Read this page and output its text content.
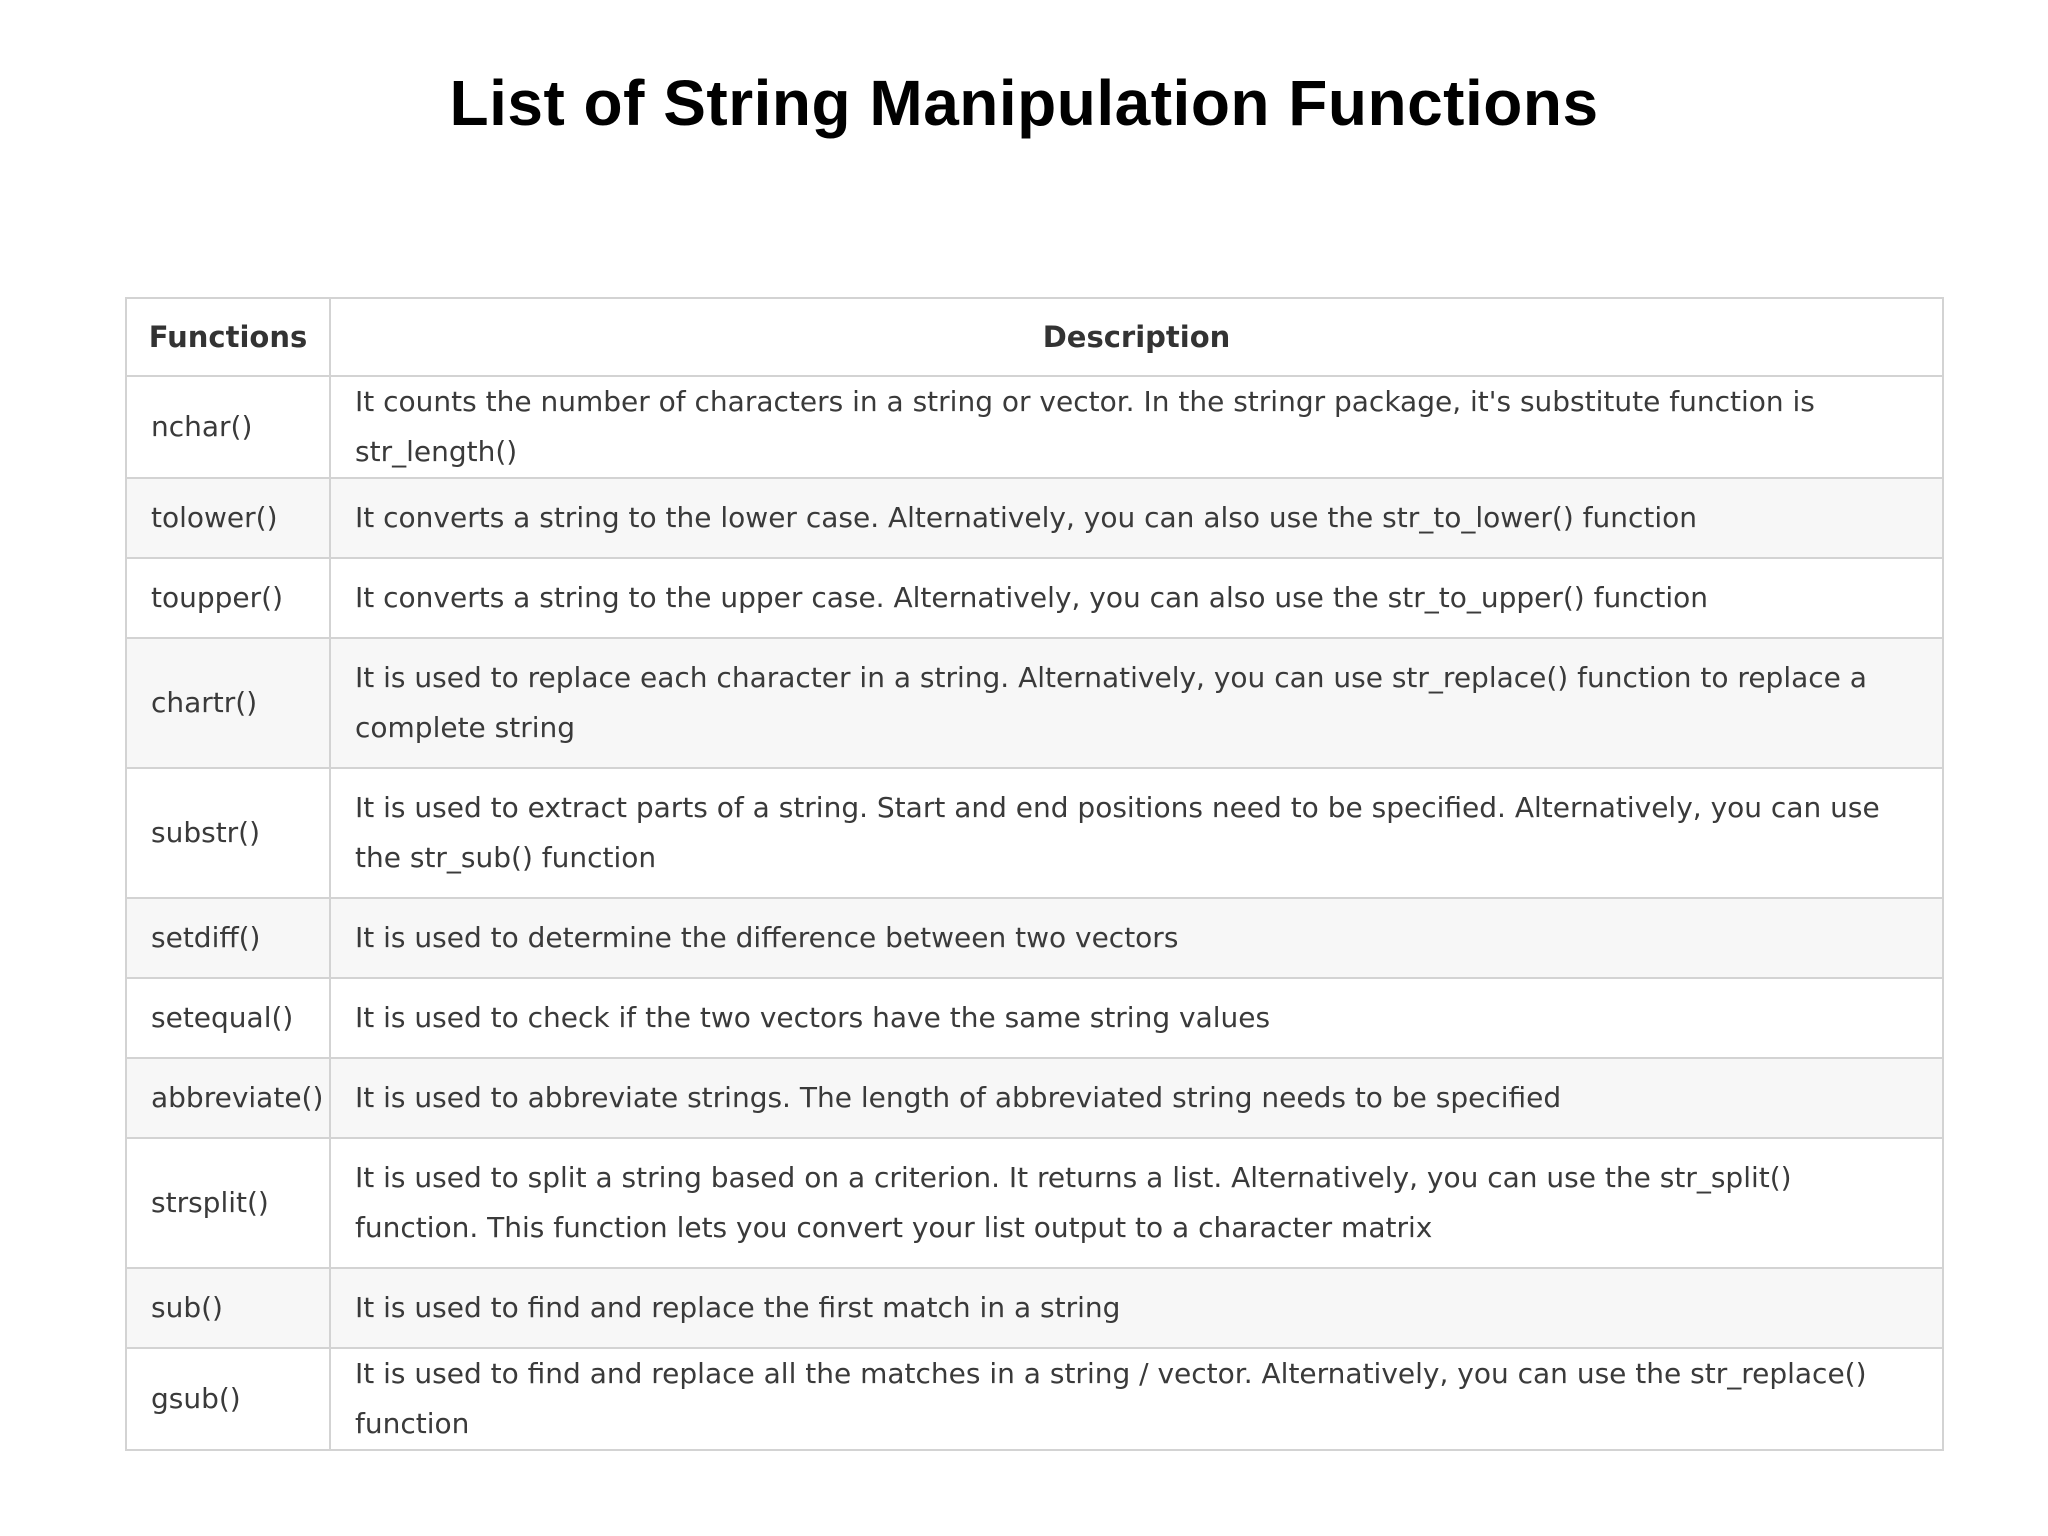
List of String Manipulation Functions
Functions	Description
nchar()	It counts the number of characters in a string or vector. In the stringr package, it's substitute function is str_length()
tolower()	It converts a string to the lower case. Alternatively, you can also use the str_to_lower() function
toupper()	It converts a string to the upper case. Alternatively, you can also use the str_to_upper() function
chartr()	It is used to replace each character in a string. Alternatively, you can use str_replace() function to replace a complete string
substr()	It is used to extract parts of a string. Start and end positions need to be specified. Alternatively, you can use the str_sub() function
setdiff()	It is used to determine the difference between two vectors
setequal()	It is used to check if the two vectors have the same string values
abbreviate()	It is used to abbreviate strings. The length of abbreviated string needs to be specified
strsplit()	It is used to split a string based on a criterion. It returns a list. Alternatively, you can use the str_split() function. This function lets you convert your list output to a character matrix
sub()	It is used to find and replace the first match in a string
gsub()	It is used to find and replace all the matches in a string / vector. Alternatively, you can use the str_replace() function
